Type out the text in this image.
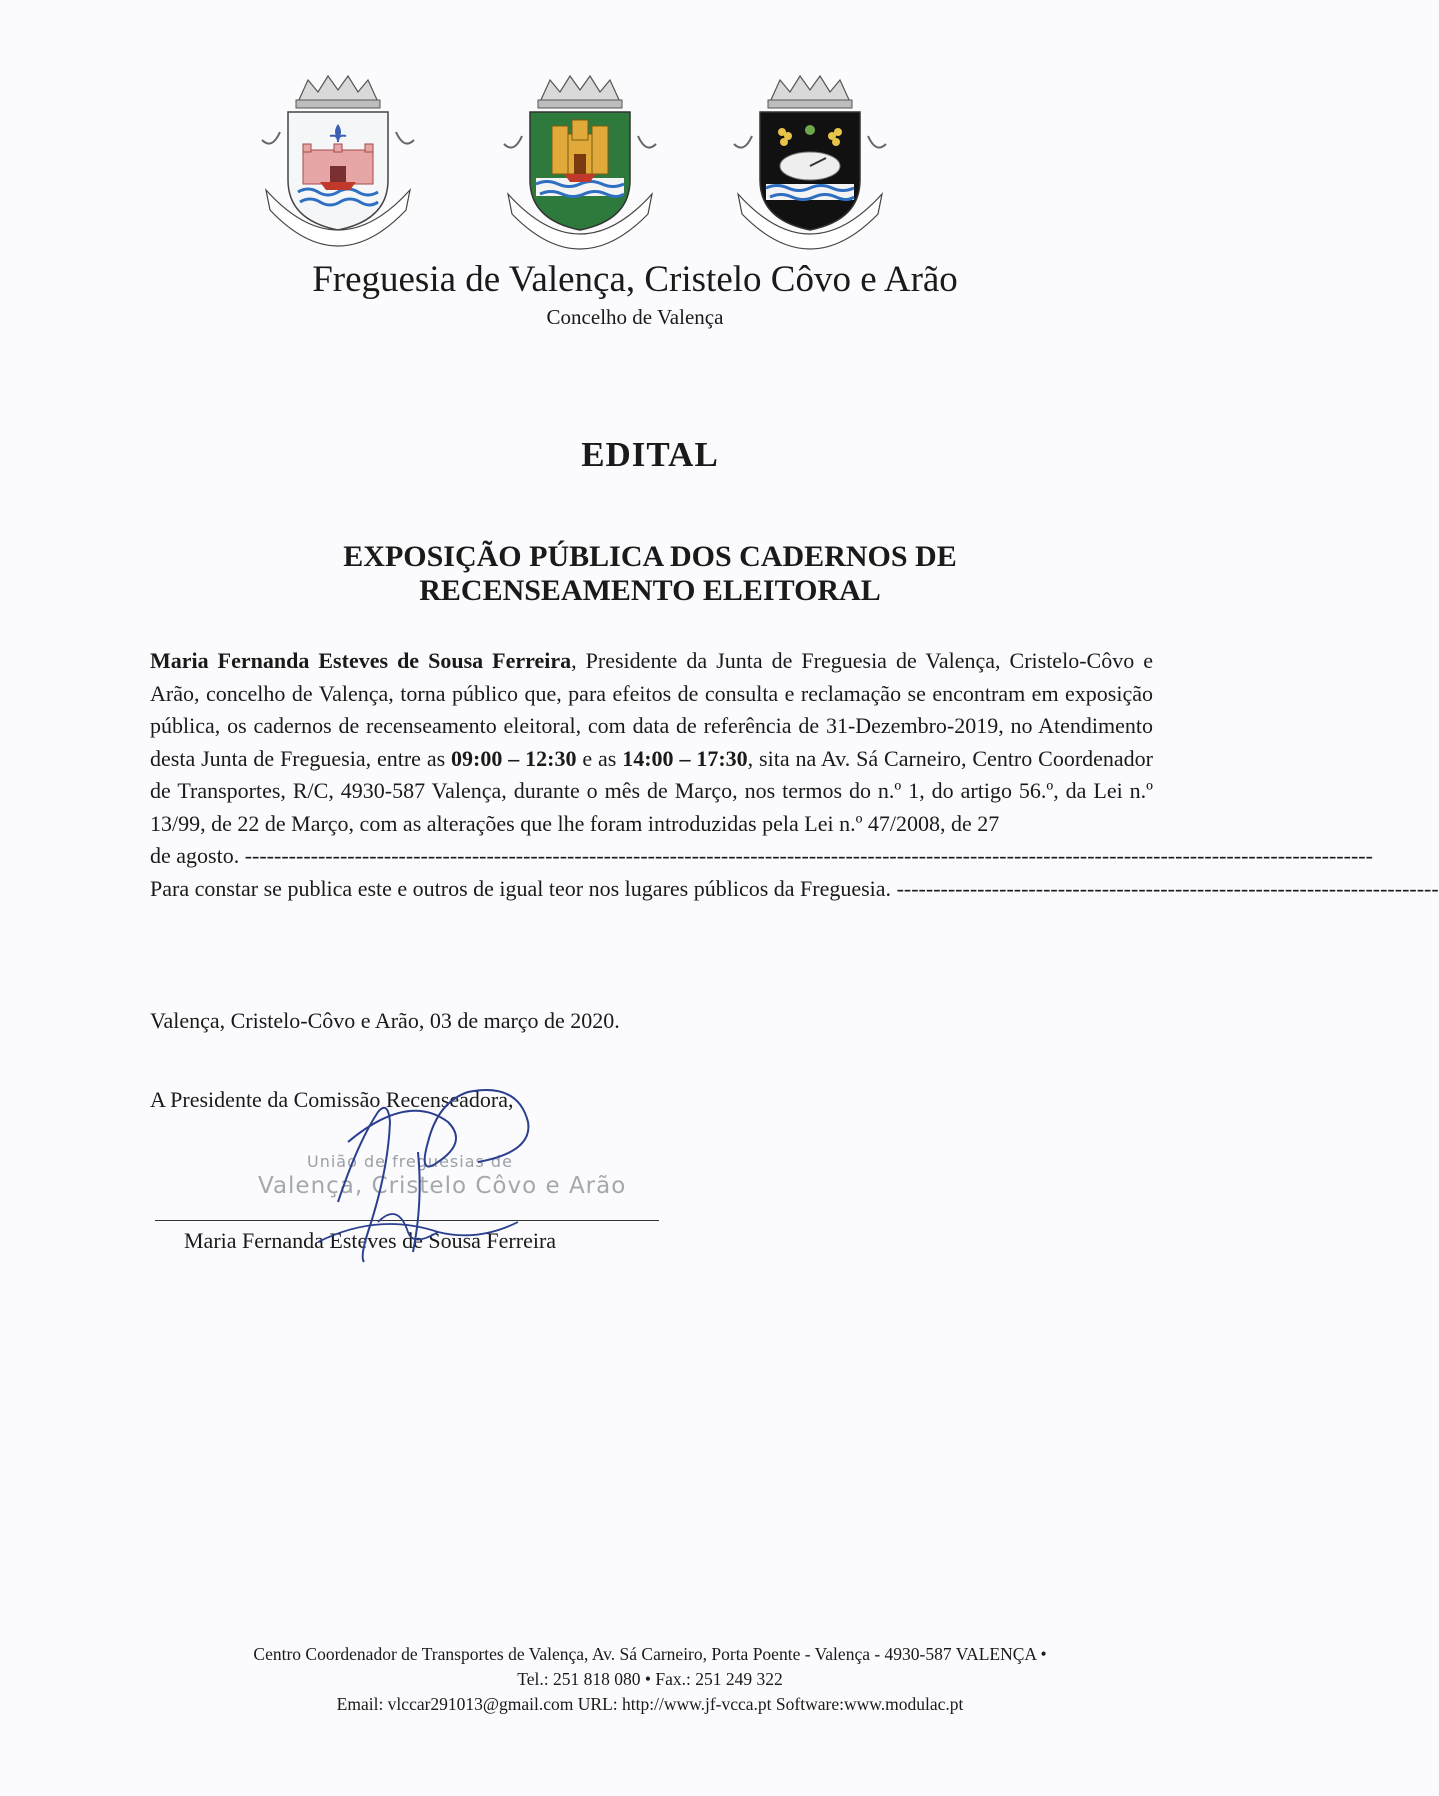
Freguesia de Valença, Cristelo Côvo e Arão
Concelho de Valença
EDITAL
EXPOSIÇÃO PÚBLICA DOS CADERNOS DE
RECENSEAMENTO ELEITORAL

Maria Fernanda Esteves de Sousa Ferreira, Presidente da Junta de Freguesia de Valença, Cristelo-Côvo e Arão, concelho de Valença, torna público que, para efeitos de consulta e reclamação se encontram em exposição pública, os cadernos de recenseamento eleitoral, com data de referência de 31-Dezembro-2019, no Atendimento desta Junta de Freguesia, entre as 09:00 – 12:30 e as 14:00 – 17:30, sita na Av. Sá Carneiro, Centro Coordenador de Transportes, R/C, 4930-587 Valença, durante o mês de Março, nos termos do n.º 1, do artigo 56.º, da Lei n.º 13/99, de 22 de Março, com as alterações que lhe foram introduzidas pela Lei n.º 47/2008, de 27

de agosto. ----------------------------------------------------------------------------------------------------------------------------------------------------------
Para constar se publica este e outros de igual teor nos lugares públicos da Freguesia. --------------------------------------------------------------------------
Valença, Cristelo-Côvo e Arão, 03 de março de 2020.
A Presidente da Comissão Recenseadora,
União de freguesias de
Valença, Cristelo Côvo e Arão
Maria Fernanda Esteves de Sousa Ferreira
Centro Coordenador de Transportes de Valença, Av. Sá Carneiro, Porta Poente - Valença - 4930-587 VALENÇA •
Tel.: 251 818 080 • Fax.: 251 249 322
Email: vlccar291013@gmail.com URL: http://www.jf-vcca.pt Software:www.modulac.pt
